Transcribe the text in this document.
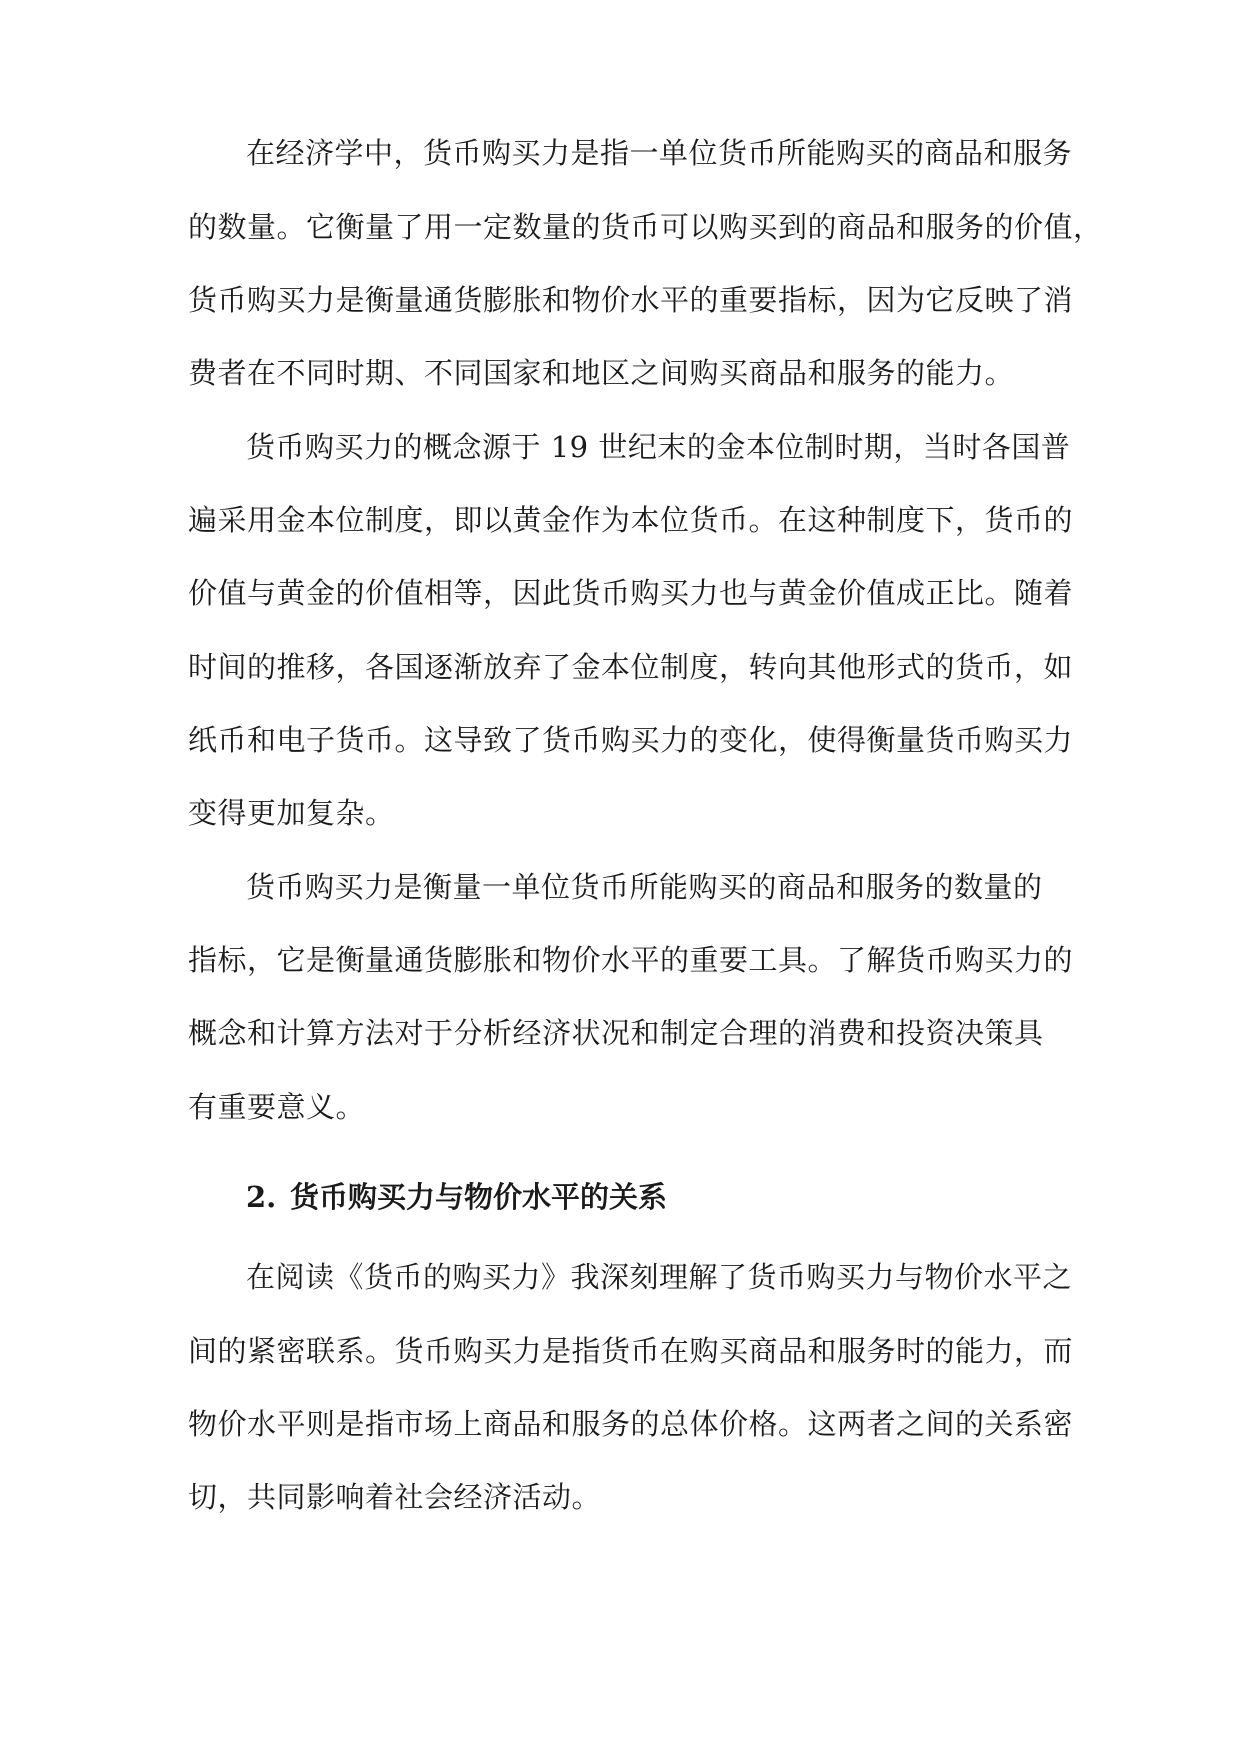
在经济学中，货币购买力是指一单位货币所能购买的商品和服务
的数量。它衡量了用一定数量的货币可以购买到的商品和服务的价值，
货币购买力是衡量通货膨胀和物价水平的重要指标，因为它反映了消
费者在不同时期、不同国家和地区之间购买商品和服务的能力。
货币购买力的概念源于 19 世纪末的金本位制时期，当时各国普
遍采用金本位制度，即以黄金作为本位货币。在这种制度下，货币的
价值与黄金的价值相等，因此货币购买力也与黄金价值成正比。随着
时间的推移，各国逐渐放弃了金本位制度，转向其他形式的货币，如
纸币和电子货币。这导致了货币购买力的变化，使得衡量货币购买力
变得更加复杂。
货币购买力是衡量一单位货币所能购买的商品和服务的数量的
指标，它是衡量通货膨胀和物价水平的重要工具。了解货币购买力的
概念和计算方法对于分析经济状况和制定合理的消费和投资决策具
有重要意义。
2. 货币购买力与物价水平的关系
在阅读《货币的购买力》我深刻理解了货币购买力与物价水平之
间的紧密联系。货币购买力是指货币在购买商品和服务时的能力，而
物价水平则是指市场上商品和服务的总体价格。这两者之间的关系密
切，共同影响着社会经济活动。
